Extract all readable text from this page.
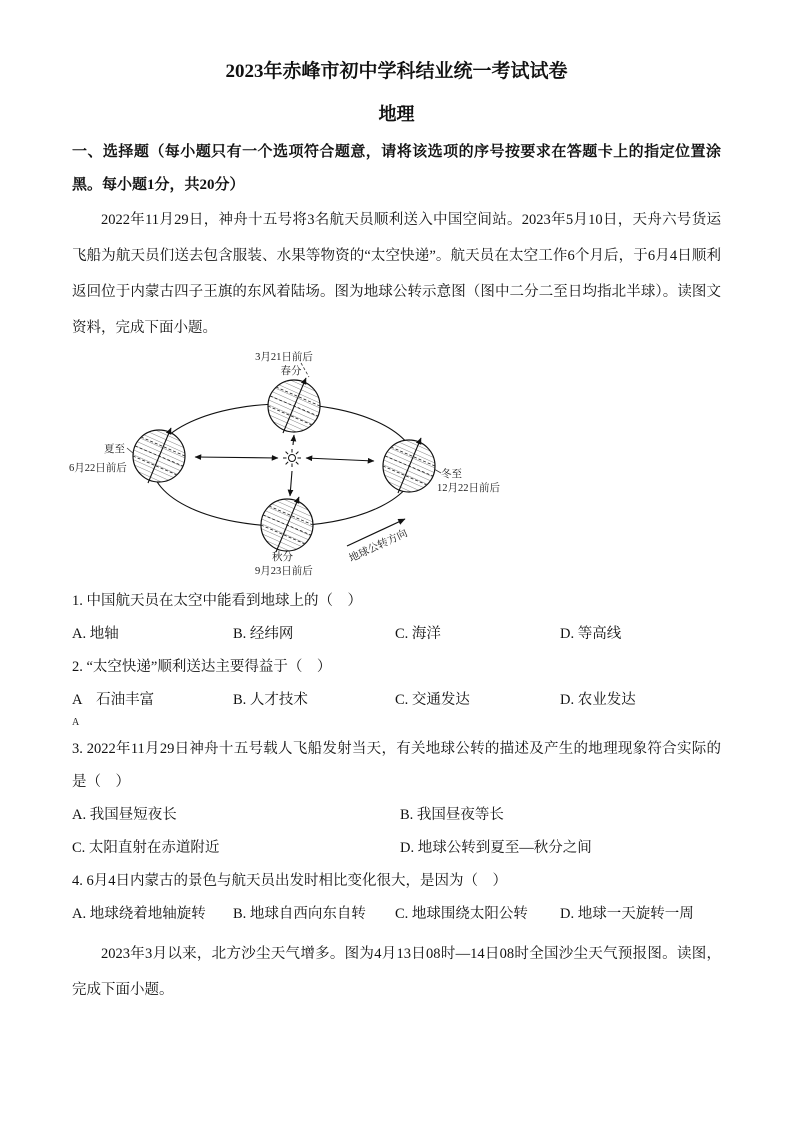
2023年赤峰市初中学科结业统一考试试卷
地理

一、选择题（每小题只有一个选项符合题意，请将该选项的序号按要求在答题卡上的指定位置涂黑。每小题1分，共20分）

2022年11月29日，神舟十五号将3名航天员顺利送入中国空间站。2023年5月10日，天舟六号货运飞船为航天员们送去包含服装、水果等物资的“太空快递”。航天员在太空工作6个月后，于6月4日顺利返回位于内蒙古四子王旗的东风着陆场。图为地球公转示意图（图中二分二至日均指北半球）。读图文资料，完成下面小题。

3月21日前后
春分
夏至
6月22日前后
冬至
12月22日前后
秋分
9月23日前后
地球公转方向

1. 中国航天员在太空中能看到地球上的（　）

A. 地轴	B. 经纬网	C. 海洋	D. 等高线

2. “太空快递”顺利送达主要得益于（　）

A　石油丰富	B. 人才技术	C. 交通发达	D. 农业发达
A

3. 2022年11月29日神舟十五号载人飞船发射当天，有关地球公转的描述及产生的地理现象符合实际的是（　）

A. 我国昼短夜长	B. 我国昼夜等长
C. 太阳直射在赤道附近	D. 地球公转到夏至—秋分之间

4. 6月4日内蒙古的景色与航天员出发时相比变化很大，是因为（　）

A. 地球绕着地轴旋转	B. 地球自西向东自转	C. 地球围绕太阳公转	D. 地球一天旋转一周

2023年3月以来，北方沙尘天气增多。图为4月13日08时—14日08时全国沙尘天气预报图。读图，完成下面小题。
